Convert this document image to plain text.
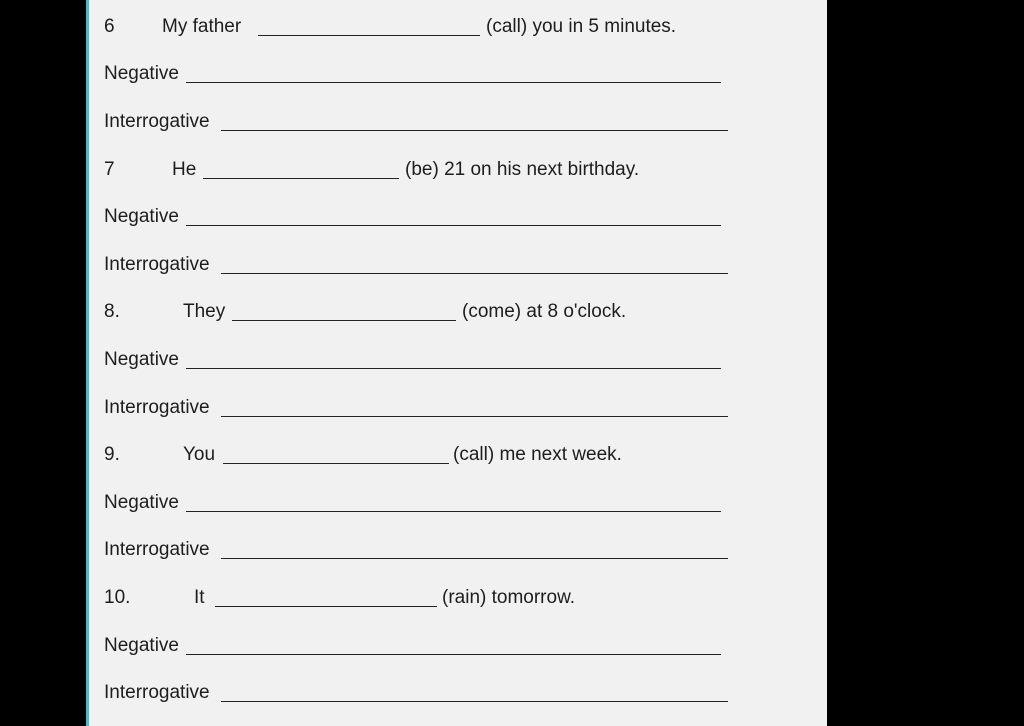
6 My father	(call) you in 5 minutes.
Negative
Interrogative
7	He	(be) 21 on his next birthday.
Negative
Interrogative
8.	They	(come) at 8 o'clock.
Negative
Interrogative
9.	You	(call) me next week.
Negative
Interrogative
10.	It	(rain) tomorrow.
Negative
Interrogative
